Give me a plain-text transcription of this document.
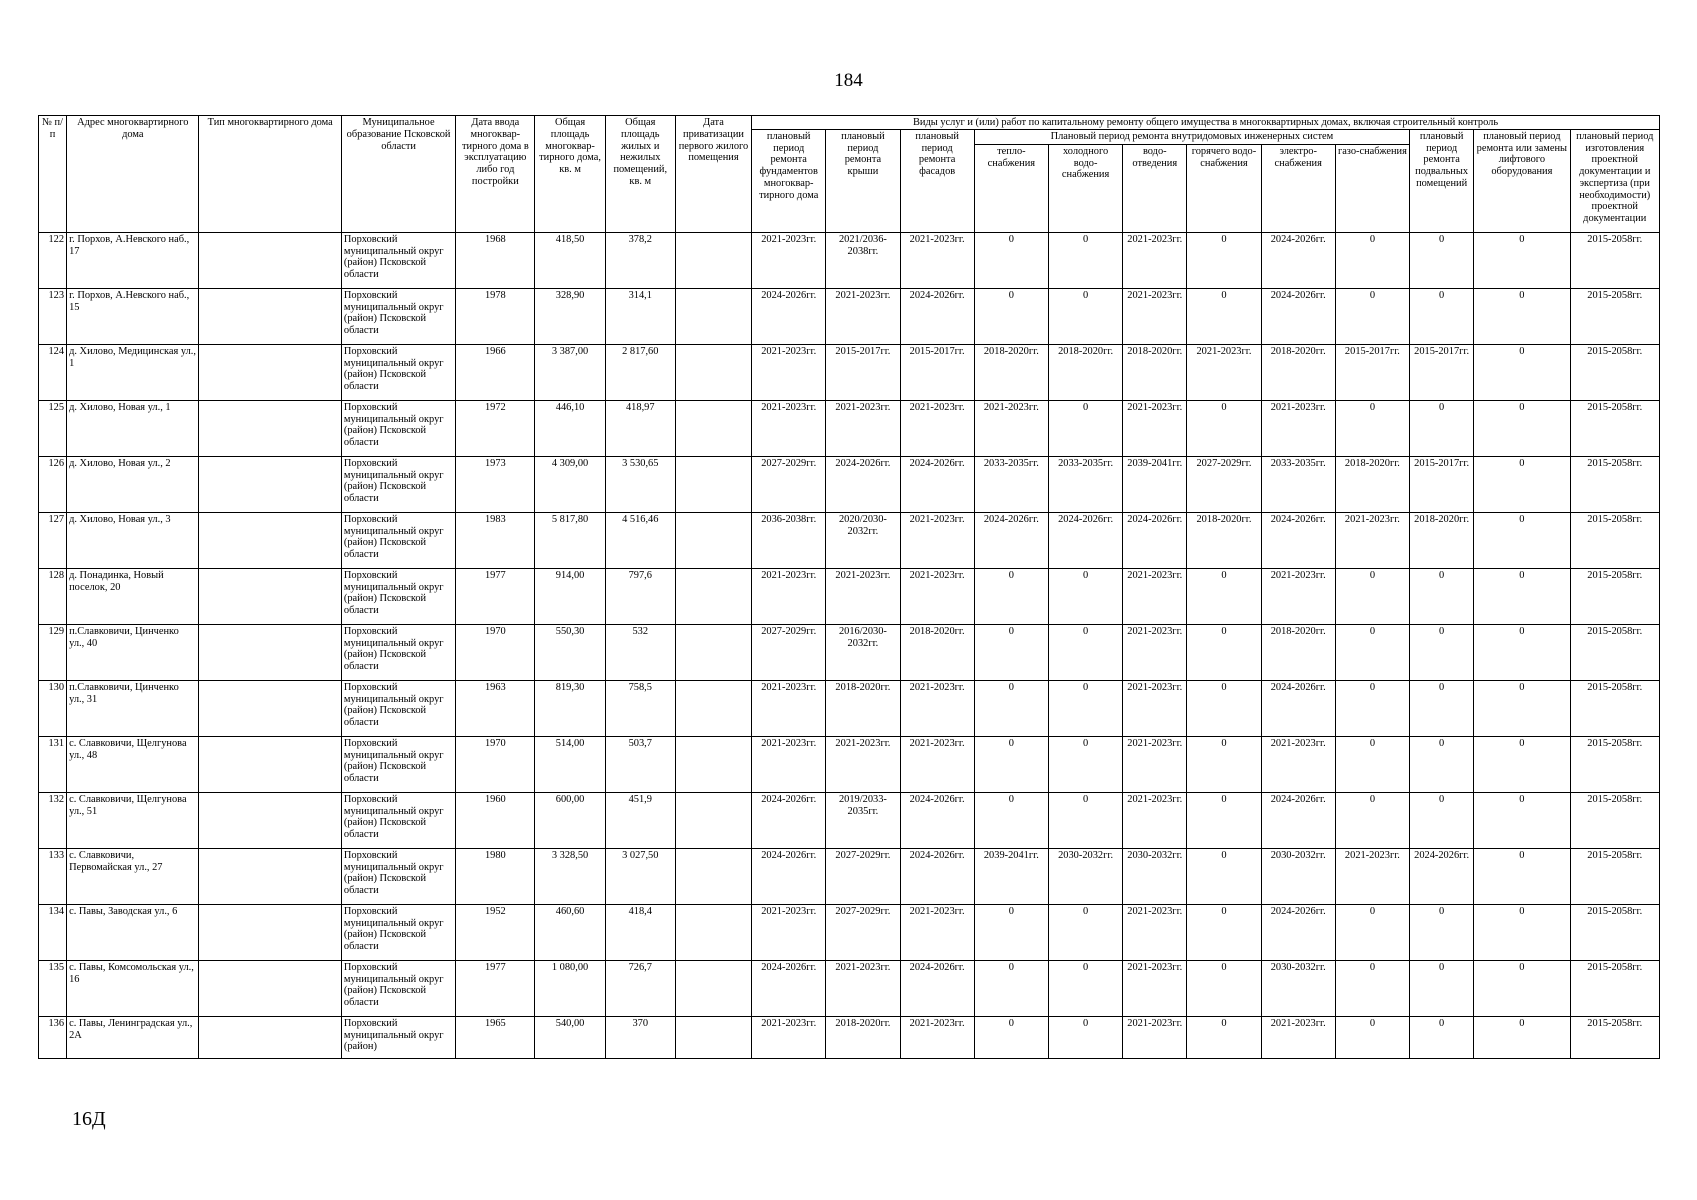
184
№ п/п	Адрес многоквартирного дома	Тип многоквартирного дома	Муниципальное образование Псковской области	Дата ввода многоквар-тирного дома в эксплуатацию либо год постройки	Общая площадь многоквар-тирного дома, кв. м	Общая площадь жилых и нежилых помещений, кв. м	Дата приватизации первого жилого помещения	Виды услуг и (или) работ по капитальному ремонту общего имущества в многоквартирных домах, включая строительный контроль											
								плановый период ремонта фундаментов многоквар-тирного дома	плановый период ремонта крыши	плановый период ремонта фасадов	Плановый период ремонта внутридомовых инженерных систем						плановый период ремонта подвальных помещений	плановый период ремонта или замены лифтового оборудования	плановый период изготовления проектной документации и экспертиза (при необходимости) проектной документации
											тепло-снабжения	холодного водо-снабжения	водо-отведения	горячего водо-снабжения	электро-снабжения	газо-снабжения			
122	г. Порхов, А.Невского наб., 17		Порховский муниципальный округ (район) Псковской области	1968	418,50	378,2		2021-2023гг.	2021/2036-2038гг.	2021-2023гг.	0	0	2021-2023гг.	0	2024-2026гг.	0	0	0	2015-2058гг.
123	г. Порхов, А.Невского наб., 15		Порховский муниципальный округ (район) Псковской области	1978	328,90	314,1		2024-2026гг.	2021-2023гг.	2024-2026гг.	0	0	2021-2023гг.	0	2024-2026гг.	0	0	0	2015-2058гг.
124	д. Хилово, Медицинская ул., 1		Порховский муниципальный округ (район) Псковской области	1966	3 387,00	2 817,60		2021-2023гг.	2015-2017гг.	2015-2017гг.	2018-2020гг.	2018-2020гг.	2018-2020гг.	2021-2023гг.	2018-2020гг.	2015-2017гг.	2015-2017гг.	0	2015-2058гг.
125	д. Хилово, Новая ул., 1		Порховский муниципальный округ (район) Псковской области	1972	446,10	418,97		2021-2023гг.	2021-2023гг.	2021-2023гг.	2021-2023гг.	0	2021-2023гг.	0	2021-2023гг.	0	0	0	2015-2058гг.
126	д. Хилово, Новая ул., 2		Порховский муниципальный округ (район) Псковской области	1973	4 309,00	3 530,65		2027-2029гг.	2024-2026гг.	2024-2026гг.	2033-2035гг.	2033-2035гг.	2039-2041гг.	2027-2029гг.	2033-2035гг.	2018-2020гг.	2015-2017гг.	0	2015-2058гг.
127	д. Хилово, Новая ул., 3		Порховский муниципальный округ (район) Псковской области	1983	5 817,80	4 516,46		2036-2038гг.	2020/2030-2032гг.	2021-2023гг.	2024-2026гг.	2024-2026гг.	2024-2026гг.	2018-2020гг.	2024-2026гг.	2021-2023гг.	2018-2020гг.	0	2015-2058гг.
128	д. Понадинка, Новый поселок, 20		Порховский муниципальный округ (район) Псковской области	1977	914,00	797,6		2021-2023гг.	2021-2023гг.	2021-2023гг.	0	0	2021-2023гг.	0	2021-2023гг.	0	0	0	2015-2058гг.
129	п.Славковичи, Цинченко ул., 40		Порховский муниципальный округ (район) Псковской области	1970	550,30	532		2027-2029гг.	2016/2030-2032гг.	2018-2020гг.	0	0	2021-2023гг.	0	2018-2020гг.	0	0	0	2015-2058гг.
130	п.Славковичи, Цинченко ул., 31		Порховский муниципальный округ (район) Псковской области	1963	819,30	758,5		2021-2023гг.	2018-2020гг.	2021-2023гг.	0	0	2021-2023гг.	0	2024-2026гг.	0	0	0	2015-2058гг.
131	с. Славковичи, Щелгунова ул., 48		Порховский муниципальный округ (район) Псковской области	1970	514,00	503,7		2021-2023гг.	2021-2023гг.	2021-2023гг.	0	0	2021-2023гг.	0	2021-2023гг.	0	0	0	2015-2058гг.
132	с. Славковичи, Щелгунова ул., 51		Порховский муниципальный округ (район) Псковской области	1960	600,00	451,9		2024-2026гг.	2019/2033-2035гг.	2024-2026гг.	0	0	2021-2023гг.	0	2024-2026гг.	0	0	0	2015-2058гг.
133	с. Славковичи, Первомайская ул., 27		Порховский муниципальный округ (район) Псковской области	1980	3 328,50	3 027,50		2024-2026гг.	2027-2029гг.	2024-2026гг.	2039-2041гг.	2030-2032гг.	2030-2032гг.	0	2030-2032гг.	2021-2023гг.	2024-2026гг.	0	2015-2058гг.
134	с. Павы, Заводская ул., 6		Порховский муниципальный округ (район) Псковской области	1952	460,60	418,4		2021-2023гг.	2027-2029гг.	2021-2023гг.	0	0	2021-2023гг.	0	2024-2026гг.	0	0	0	2015-2058гг.
135	с. Павы, Комсомольская ул., 16		Порховский муниципальный округ (район) Псковской области	1977	1 080,00	726,7		2024-2026гг.	2021-2023гг.	2024-2026гг.	0	0	2021-2023гг.	0	2030-2032гг.	0	0	0	2015-2058гг.
136	с. Павы, Ленинградская ул., 2А		Порховский муниципальный округ (район)	1965	540,00	370		2021-2023гг.	2018-2020гг.	2021-2023гг.	0	0	2021-2023гг.	0	2021-2023гг.	0	0	0	2015-2058гг.
16Д
